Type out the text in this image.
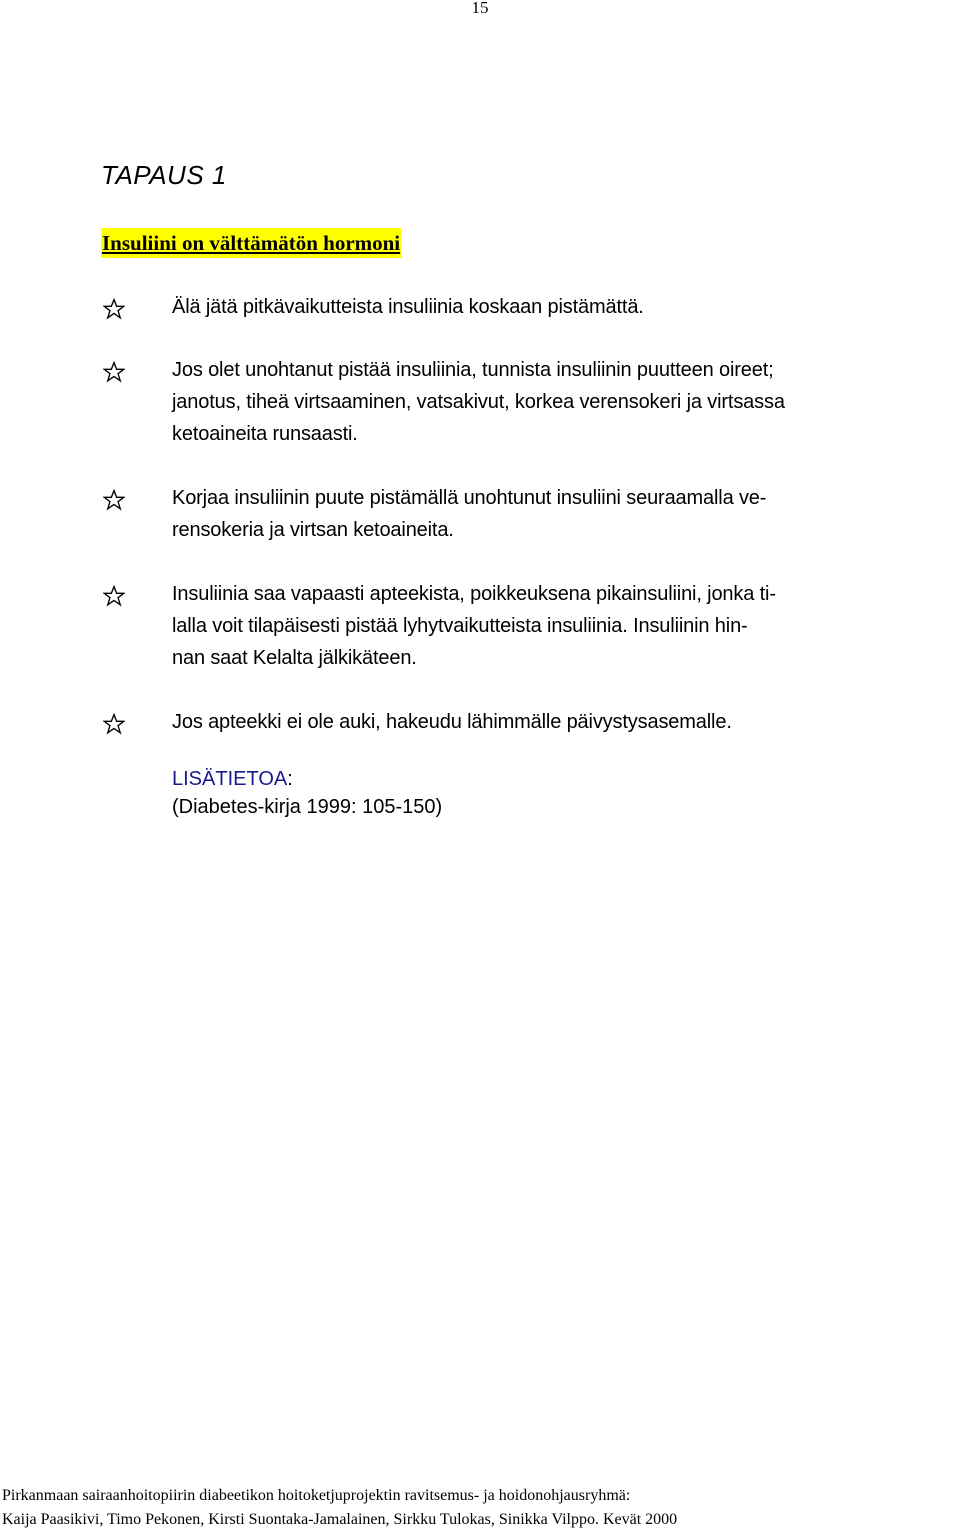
15
TAPAUS 1
Insuliini on välttämätön hormoni
Älä jätä pitkävaikutteista insuliinia koskaan pistämättä.
Jos olet unohtanut pistää insuliinia, tunnista insuliinin puutteen oireet;
janotus, tiheä virtsaaminen, vatsakivut, korkea verensokeri ja virtsassa
ketoaineita runsaasti.
Korjaa insuliinin puute pistämällä unohtunut insuliini seuraamalla ve-
rensokeria ja virtsan ketoaineita.
Insuliinia saa vapaasti apteekista, poikkeuksena pikainsuliini, jonka ti-
lalla voit tilapäisesti pistää lyhytvaikutteista insuliinia. Insuliinin hin-
nan saat Kelalta jälkikäteen.
Jos apteekki ei ole auki, hakeudu lähimmälle päivystysasemalle.
LISÄTIETOA:
(Diabetes-kirja 1999: 105-150)
Pirkanmaan sairaanhoitopiirin diabeetikon hoitoketjuprojektin ravitsemus- ja hoidonohjausryhmä:
Kaija Paasikivi, Timo Pekonen, Kirsti Suontaka-Jamalainen, Sirkku Tulokas, Sinikka Vilppo. Kevät 2000
